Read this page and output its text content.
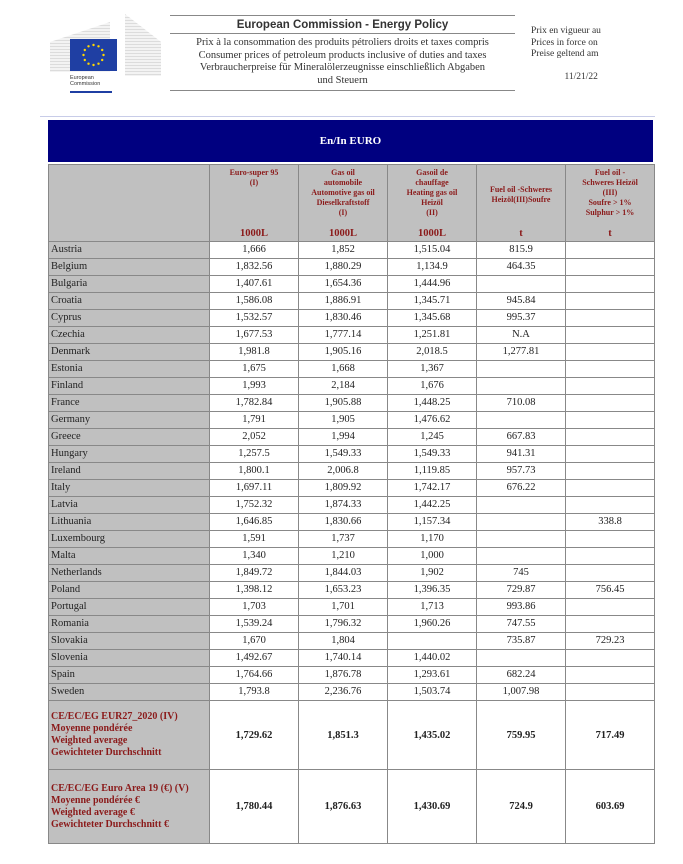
European
Commission
European Commission - Energy Policy
Prix à la consommation des produits pétroliers droits et taxes compris
Consumer prices of petroleum products inclusive of duties and taxes
Verbraucherpreise für Mineralölerzeugnisse einschließlich Abgaben
und Steuern
Prix en vigueur au
Prices in force on
Preise geltend am
11/21/22
En/In EURO

Euro-super 95
(I)
1000L

Gas oil
automobile
Automotive gas oil
Dieselkraftstoff
(I)
1000L

Gasoil de
chauffage
Heating gas oil
Heizöl
(II)
1000L

Fuel oil -Schweres
Heizöl(III)Soufre
t

Fuel oil -
Schweres Heizöl
(III)
Soufre > 1%
Sulphur > 1%
t

Austria	1,666	1,852	1,515.04	815.9	
Belgium	1,832.56	1,880.29	1,134.9	464.35	
Bulgaria	1,407.61	1,654.36	1,444.96		
Croatia	1,586.08	1,886.91	1,345.71	945.84	
Cyprus	1,532.57	1,830.46	1,345.68	995.37	
Czechia	1,677.53	1,777.14	1,251.81	N.A	
Denmark	1,981.8	1,905.16	2,018.5	1,277.81	
Estonia	1,675	1,668	1,367		
Finland	1,993	2,184	1,676		
France	1,782.84	1,905.88	1,448.25	710.08	
Germany	1,791	1,905	1,476.62		
Greece	2,052	1,994	1,245	667.83	
Hungary	1,257.5	1,549.33	1,549.33	941.31	
Ireland	1,800.1	2,006.8	1,119.85	957.73	
Italy	1,697.11	1,809.92	1,742.17	676.22	
Latvia	1,752.32	1,874.33	1,442.25		
Lithuania	1,646.85	1,830.66	1,157.34		338.8
Luxembourg	1,591	1,737	1,170		
Malta	1,340	1,210	1,000		
Netherlands	1,849.72	1,844.03	1,902	745	
Poland	1,398.12	1,653.23	1,396.35	729.87	756.45
Portugal	1,703	1,701	1,713	993.86	
Romania	1,539.24	1,796.32	1,960.26	747.55	
Slovakia	1,670	1,804		735.87	729.23
Slovenia	1,492.67	1,740.14	1,440.02		
Spain	1,764.66	1,876.78	1,293.61	682.24	
Sweden	1,793.8	2,236.76	1,503.74	1,007.98	

CE/EC/EG EUR27_2020 (IV)
Moyenne pondérée
Weighted average
Gewichteter Durchschnitt	1,729.62	1,851.3	1,435.02	759.95	717.49

CE/EC/EG Euro Area 19 (€) (V)
Moyenne pondérée €
Weighted average €
Gewichteter Durchschnitt €	1,780.44	1,876.63	1,430.69	724.9	603.69
